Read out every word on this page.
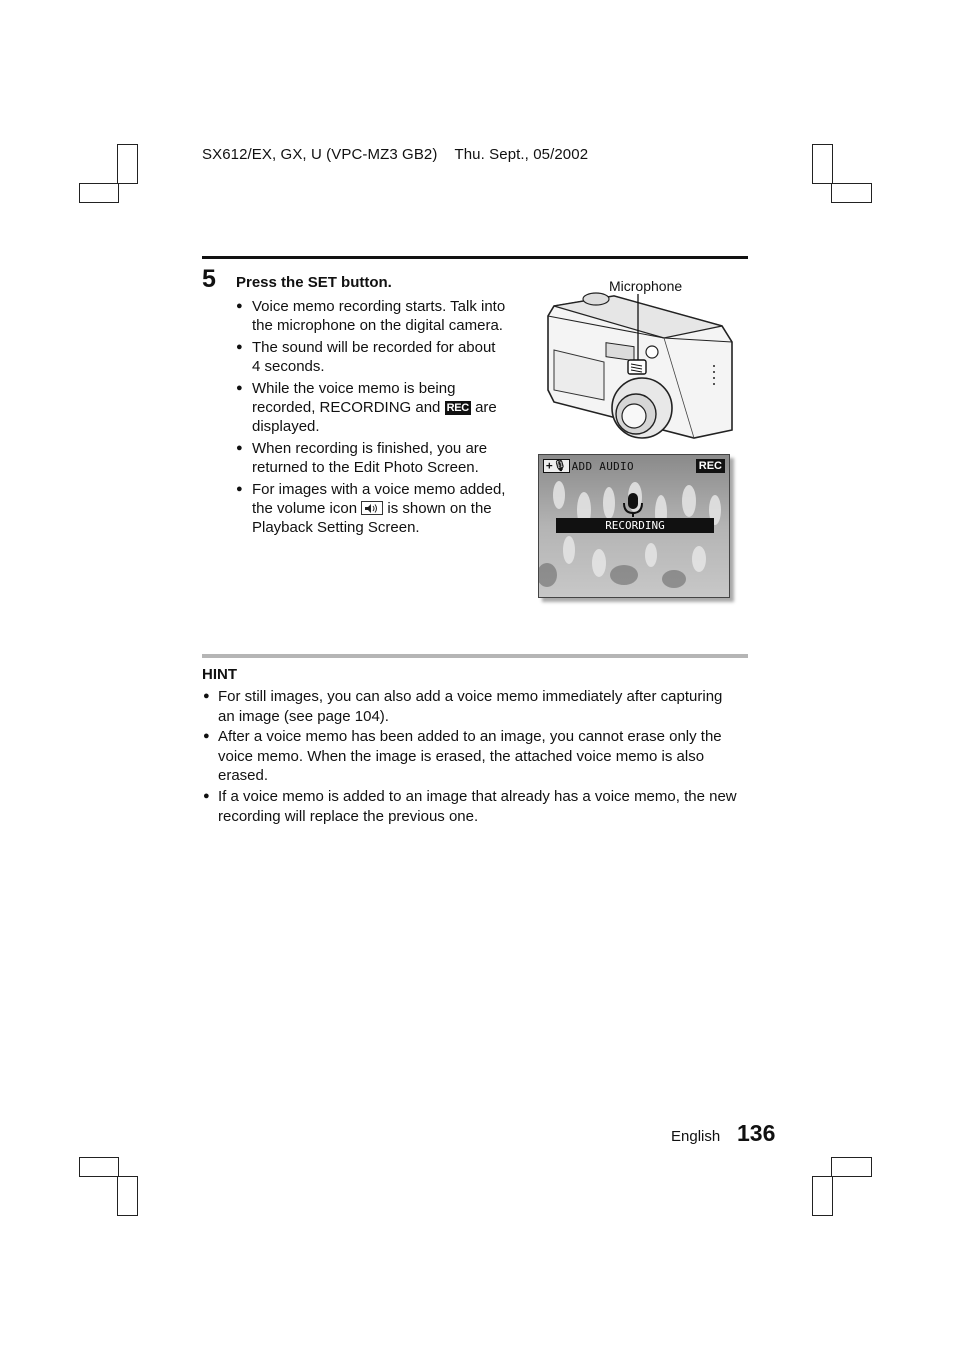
SX612/EX, GX, U (VPC-MZ3 GB2) Thu. Sept., 05/2002
5 Press the SET button.
● Voice memo recording starts. Talk into the microphone on the digital camera.
● The sound will be recorded for about 4 seconds.
● While the voice memo is being recorded, RECORDING and REC are displayed.
● When recording is finished, you are returned to the Edit Photo Screen.
● For images with a voice memo added, the volume icon is shown on the Playback Setting Screen.
Microphone
+🎙 ADD AUDIO	REC
RECORDING
HINT
● For still images, you can also add a voice memo immediately after capturing an image (see page 104).
● After a voice memo has been added to an image, you cannot erase only the voice memo. When the image is erased, the attached voice memo is also erased.
● If a voice memo is added to an image that already has a voice memo, the new recording will replace the previous one.
English 136
